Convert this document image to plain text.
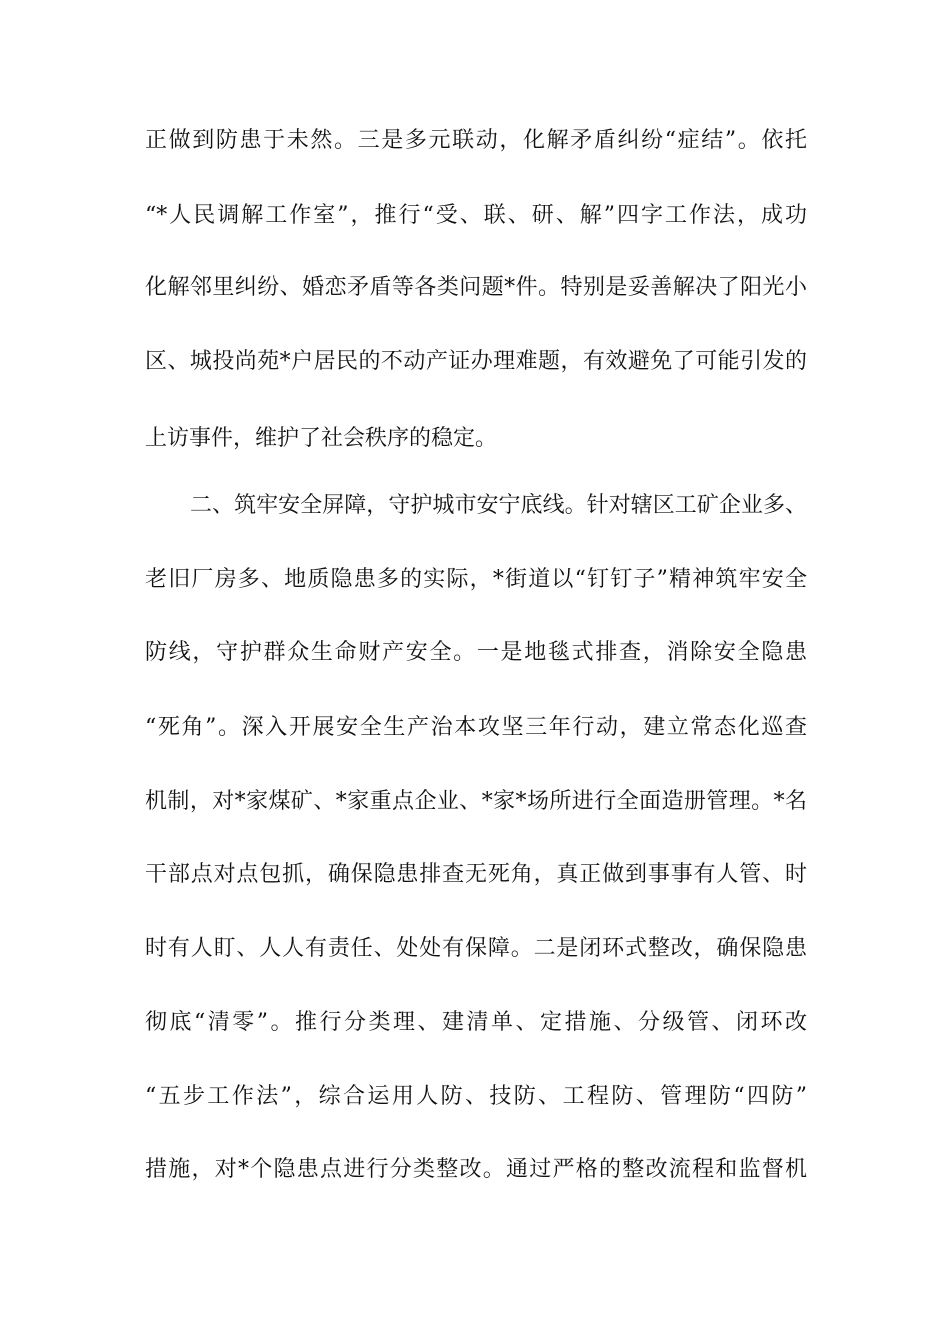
正做到防患于未然。三是多元联动，化解矛盾纠纷“症结”。依托
“*人民调解工作室”，推行“受、联、研、解”四字工作法，成功
化解邻里纠纷、婚恋矛盾等各类问题*件。特别是妥善解决了阳光小
区、城投尚苑*户居民的不动产证办理难题，有效避免了可能引发的
上访事件，维护了社会秩序的稳定。
二、筑牢安全屏障，守护城市安宁底线。针对辖区工矿企业多、
老旧厂房多、地质隐患多的实际，*街道以“钉钉子”精神筑牢安全
防线，守护群众生命财产安全。一是地毯式排查，消除安全隐患
“死角”。深入开展安全生产治本攻坚三年行动，建立常态化巡查
机制，对*家煤矿、*家重点企业、*家*场所进行全面造册管理。*名
干部点对点包抓，确保隐患排查无死角，真正做到事事有人管、时
时有人盯、人人有责任、处处有保障。二是闭环式整改，确保隐患
彻底“清零”。推行分类理、建清单、定措施、分级管、闭环改
“五步工作法”，综合运用人防、技防、工程防、管理防“四防”
措施，对*个隐患点进行分类整改。通过严格的整改流程和监督机
